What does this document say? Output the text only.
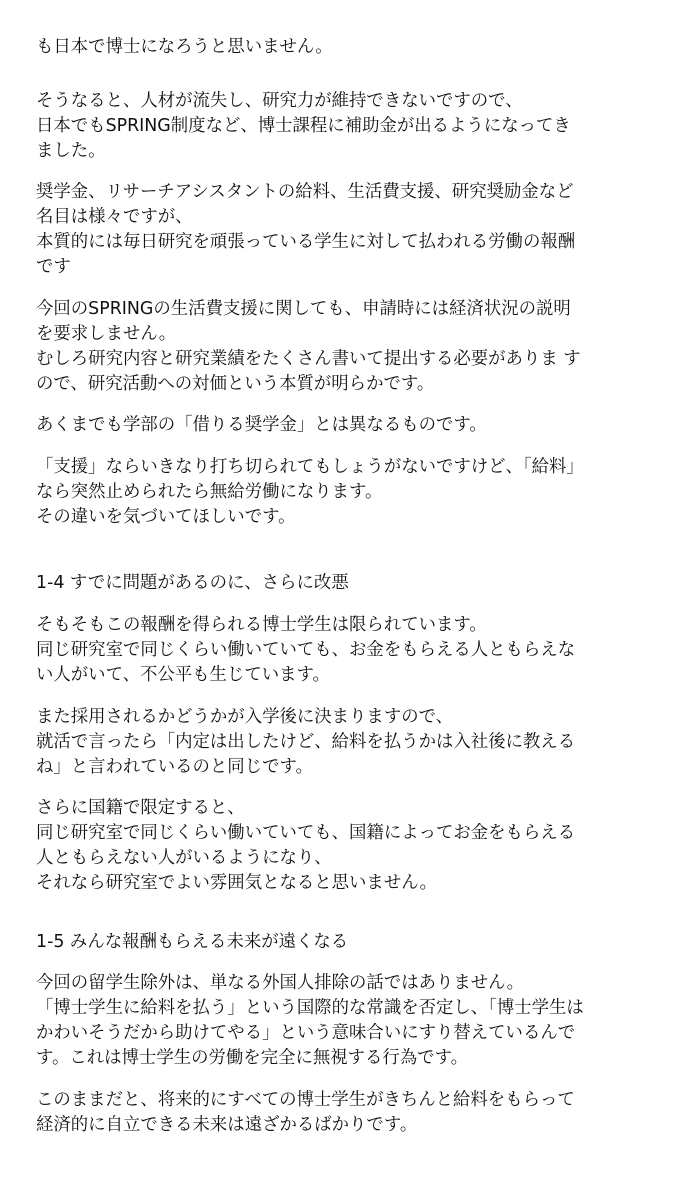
も日本で博士になろうと思いません。
そうなると、人材が流失し、研究力が維持できないですので、
日本でもSPRING制度など、博士課程に補助金が出るようになってき
ました。
奨学金、リサーチアシスタントの給料、生活費支援、研究奨励金など
名目は様々ですが、
本質的には毎日研究を頑張っている学生に対して払われる労働の報酬
です
今回のSPRINGの生活費支援に関しても、申請時には経済状況の説明
を要求しません。
むしろ研究内容と研究業績をたくさん書いて提出する必要がありま す
ので、研究活動への対価という本質が明らかです。
あくまでも学部の「借りる奨学金」とは異なるものです。
「支援」ならいきなり打ち切られてもしょうがないですけど、「給料」
なら突然止められたら無給労働になります。
その違いを気づいてほしいです。
1-4 すでに問題があるのに、さらに改悪
そもそもこの報酬を得られる博士学生は限られています。
同じ研究室で同じくらい働いていても、お金をもらえる人ともらえな
い人がいて、不公平も生じています。
また採用されるかどうかが入学後に決まりますので、
就活で言ったら「内定は出したけど、給料を払うかは入社後に教える
ね」と言われているのと同じです。
さらに国籍で限定すると、
同じ研究室で同じくらい働いていても、国籍によってお金をもらえる
人ともらえない人がいるようになり、
それなら研究室でよい雰囲気となると思いません。
1-5 みんな報酬もらえる未来が遠くなる
今回の留学生除外は、単なる外国人排除の話ではありません。
「博士学生に給料を払う」という国際的な常識を否定し、「博士学生は
かわいそうだから助けてやる」という意味合いにすり替えているんで
す。これは博士学生の労働を完全に無視する行為です。
このままだと、将来的にすべての博士学生がきちんと給料をもらって
経済的に自立できる未来は遠ざかるばかりです。
